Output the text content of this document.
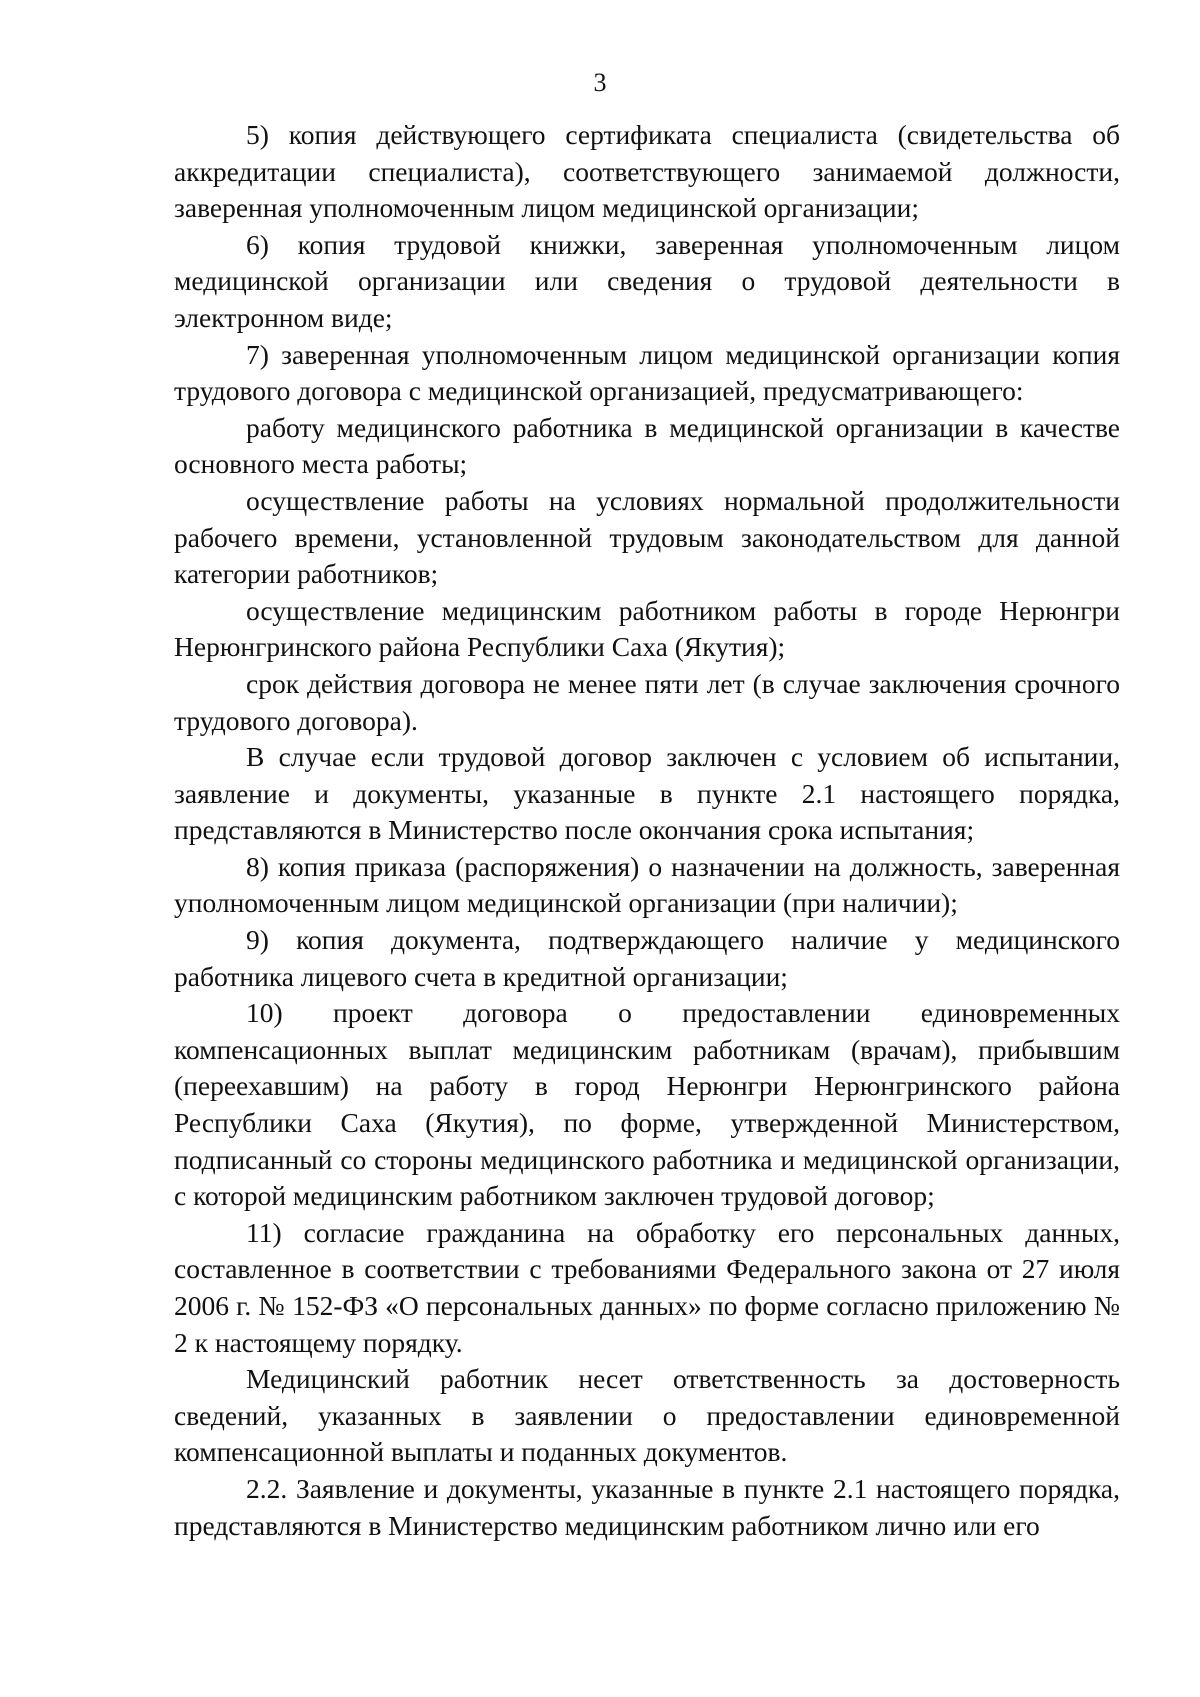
3

5) копия действующего сертификата специалиста (свидетельства об аккредитации специалиста), соответствующего занимаемой должности, заверенная уполномоченным лицом медицинской организации;

6) копия трудовой книжки, заверенная уполномоченным лицом медицинской организации или сведения о трудовой деятельности в электронном виде;

7) заверенная уполномоченным лицом медицинской организации копия трудового договора с медицинской организацией, предусматривающего:

работу медицинского работника в медицинской организации в качестве основного места работы;

осуществление работы на условиях нормальной продолжительности рабочего времени, установленной трудовым законодательством для данной категории работников;

осуществление медицинским работником работы в городе Нерюнгри Нерюнгринского района Республики Саха (Якутия);

срок действия договора не менее пяти лет (в случае заключения срочного трудового договора).

В случае если трудовой договор заключен с условием об испытании, заявление и документы, указанные в пункте 2.1 настоящего порядка, представляются в Министерство после окончания срока испытания;

8) копия приказа (распоряжения) о назначении на должность, заверенная уполномоченным лицом медицинской организации (при наличии);

9) копия документа, подтверждающего наличие у медицинского работника лицевого счета в кредитной организации;

10) проект договора о предоставлении единовременных компенсационных выплат медицинским работникам (врачам), прибывшим (переехавшим) на работу в город Нерюнгри Нерюнгринского района Республики Саха (Якутия), по форме, утвержденной Министерством, подписанный со стороны медицинского работника и медицинской организации, с которой медицинским работником заключен трудовой договор;

11) согласие гражданина на обработку его персональных данных, составленное в соответствии с требованиями Федерального закона от 27 июля 2006 г. № 152-ФЗ «О персональных данных» по форме согласно приложению № 2 к настоящему порядку.

Медицинский работник несет ответственность за достоверность сведений, указанных в заявлении о предоставлении единовременной компенсационной выплаты и поданных документов.

2.2. Заявление и документы, указанные в пункте 2.1 настоящего порядка, представляются в Министерство медицинским работником лично или его
